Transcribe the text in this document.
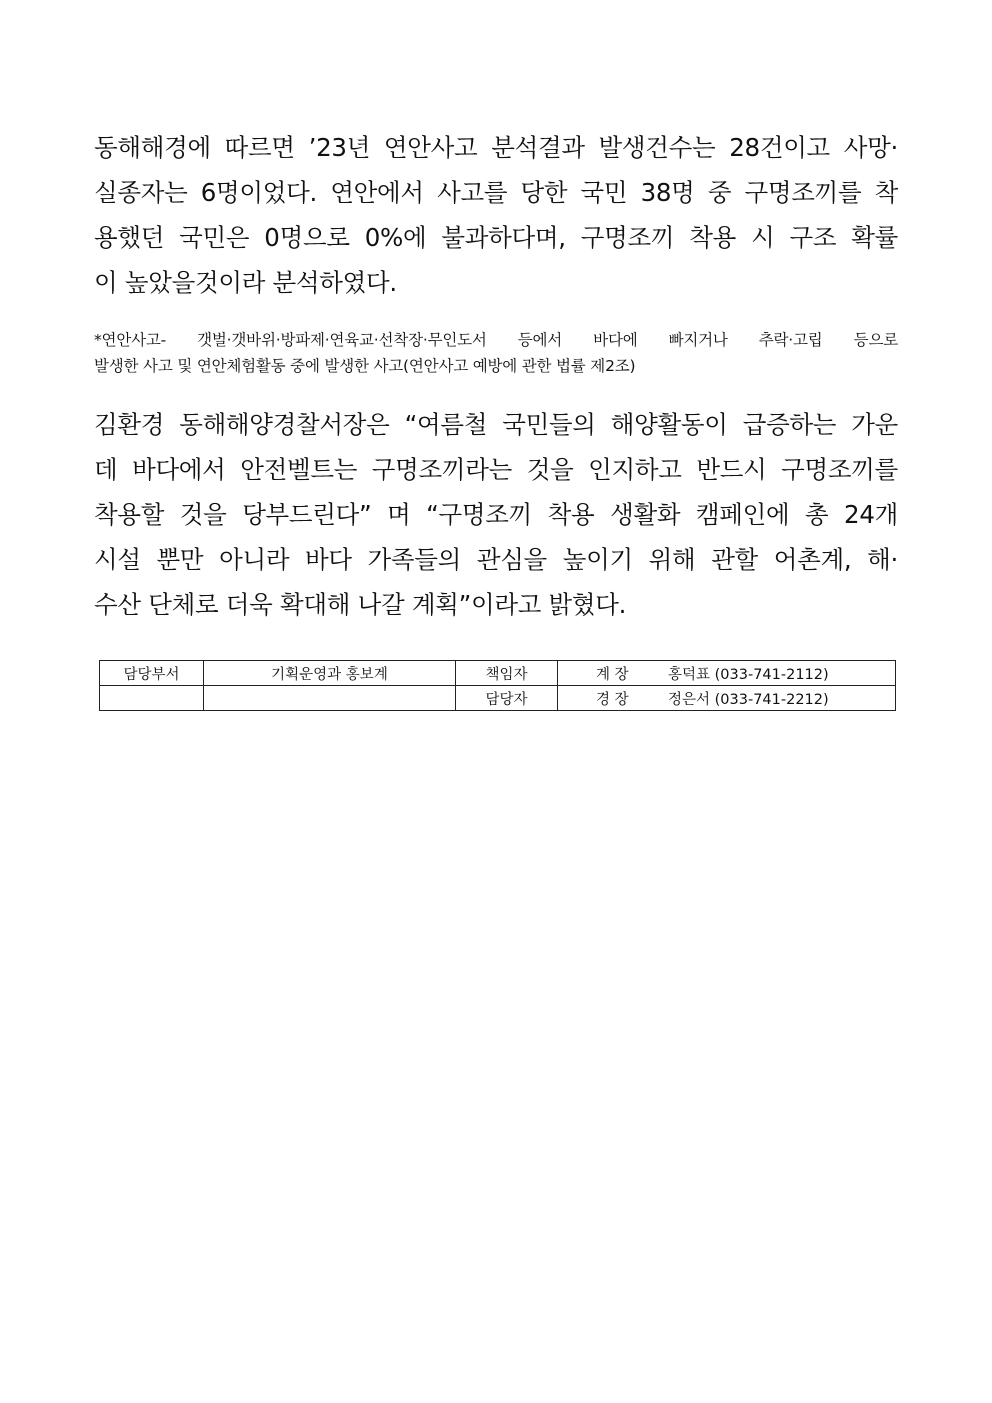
동해해경에 따르면 ’23년 연안사고 분석결과 발생건수는 28건이고 사망·
실종자는 6명이었다. 연안에서 사고를 당한 국민 38명 중 구명조끼를 착
용했던 국민은 0명으로 0%에 불과하다며, 구명조끼 착용 시 구조 확률
이 높았을것이라 분석하였다.
*연안사고- 갯벌·갯바위·방파제·연육교·선착장·무인도서 등에서 바다에 빠지거나 추락·고립 등으로
발생한 사고 및 연안체험활동 중에 발생한 사고(연안사고 예방에 관한 법률 제2조)
김환경 동해해양경찰서장은 “여름철 국민들의 해양활동이 급증하는 가운
데 바다에서 안전벨트는 구명조끼라는 것을 인지하고 반드시 구명조끼를
착용할 것을 당부드린다” 며 “구명조끼 착용 생활화 캠페인에 총 24개
시설 뿐만 아니라 바다 가족들의 관심을 높이기 위해 관할 어촌계, 해·
수산 단체로 더욱 확대해 나갈 계획”이라고 밝혔다.
담당부서	기획운영과 홍보계	책임자	계 장 홍덕표 (033-741-2112)
		담당자	경 장 정은서 (033-741-2212)
